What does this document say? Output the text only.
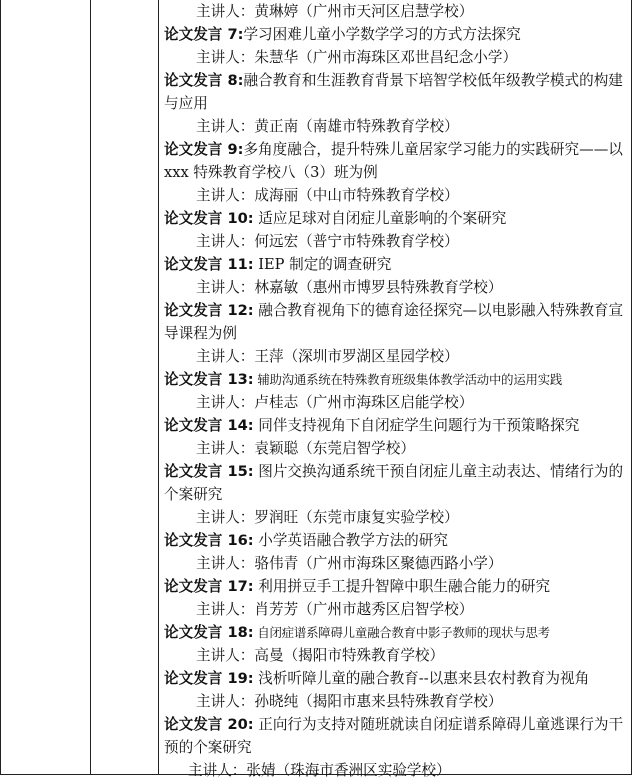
主讲人：黄琳婷（广州市天河区启慧学校）
论文发言 7:学习困难儿童小学数学学习的方式方法探究
主讲人：朱慧华（广州市海珠区邓世昌纪念小学）
论文发言 8:融合教育和生涯教育背景下培智学校低年级教学模式的构建与应用
主讲人：黄正南（南雄市特殊教育学校）
论文发言 9:多角度融合，提升特殊儿童居家学习能力的实践研究——以 xxx 特殊教育学校八（3）班为例
主讲人：成海丽（中山市特殊教育学校）
论文发言 10: 适应足球对自闭症儿童影响的个案研究
主讲人：何远宏（普宁市特殊教育学校）
论文发言 11: IEP 制定的调查研究
主讲人：林嘉敏（惠州市博罗县特殊教育学校）
论文发言 12: 融合教育视角下的德育途径探究—以电影融入特殊教育宣导课程为例
主讲人：王萍（深圳市罗湖区星园学校）
论文发言 13: 辅助沟通系统在特殊教育班级集体教学活动中的运用实践
主讲人：卢桂志（广州市海珠区启能学校）
论文发言 14: 同伴支持视角下自闭症学生问题行为干预策略探究
主讲人：袁颖聪（东莞启智学校）
论文发言 15: 图片交换沟通系统干预自闭症儿童主动表达、情绪行为的个案研究
主讲人：罗润旺（东莞市康复实验学校）
论文发言 16: 小学英语融合教学方法的研究
主讲人：骆伟青（广州市海珠区聚德西路小学）
论文发言 17: 利用拼豆手工提升智障中职生融合能力的研究
主讲人：肖芳芳（广州市越秀区启智学校）
论文发言 18: 自闭症谱系障碍儿童融合教育中影子教师的现状与思考
主讲人：高曼（揭阳市特殊教育学校）
论文发言 19: 浅析听障儿童的融合教育--以惠来县农村教育为视角
主讲人：孙晓纯（揭阳市惠来县特殊教育学校）
论文发言 20: 正向行为支持对随班就读自闭症谱系障碍儿童逃课行为干预的个案研究
主讲人：张婧（珠海市香洲区实验学校）
